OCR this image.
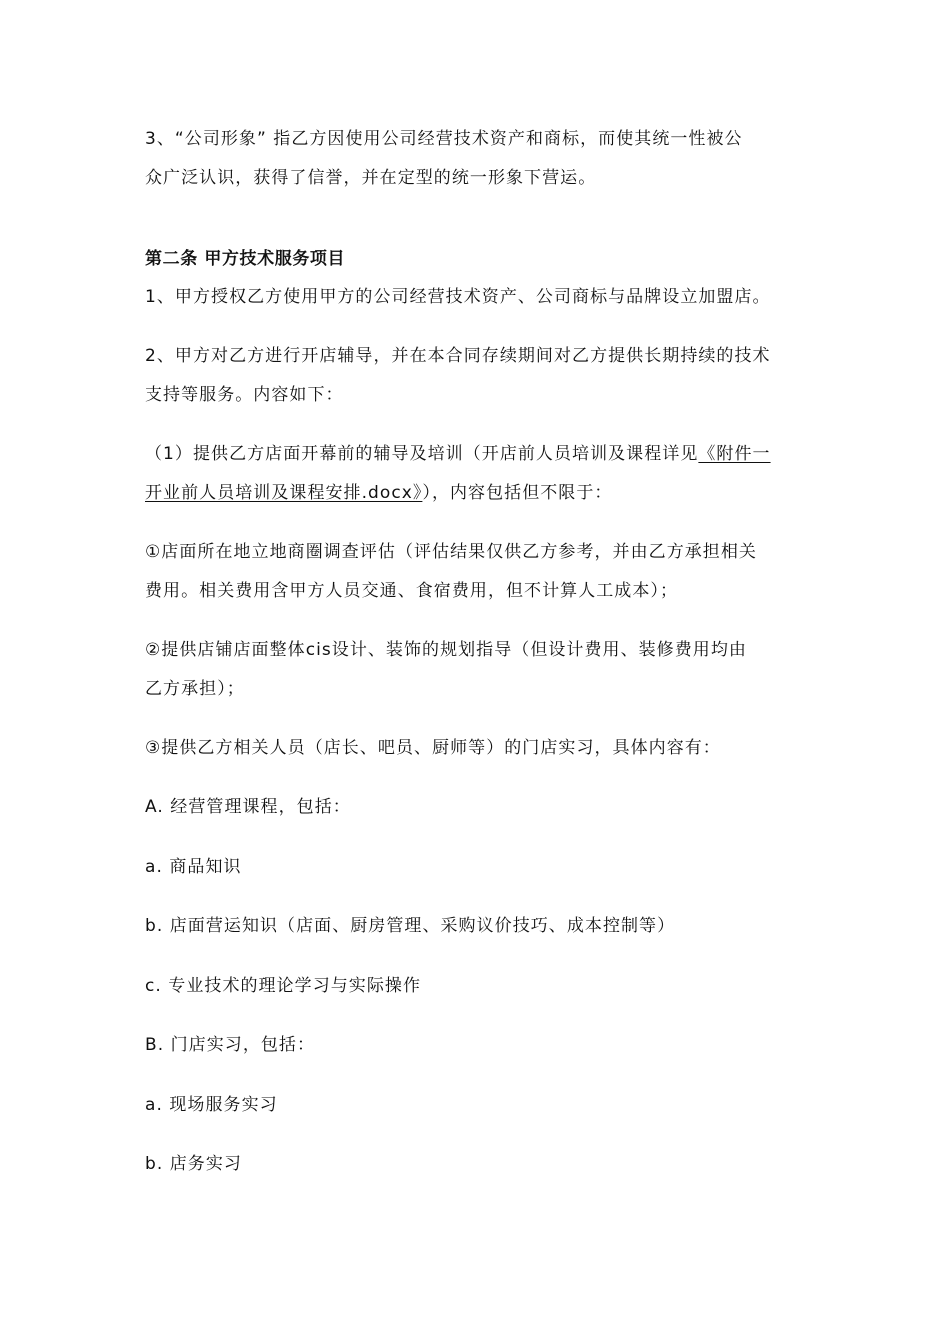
3、“公司形象” 指乙方因使用公司经营技术资产和商标，而使其统一性被公
众广泛认识，获得了信誉，并在定型的统一形象下营运。
第二条 甲方技术服务项目
1、甲方授权乙方使用甲方的公司经营技术资产、公司商标与品牌设立加盟店。
2、甲方对乙方进行开店辅导，并在本合同存续期间对乙方提供长期持续的技术
支持等服务。内容如下：
（1）提供乙方店面开幕前的辅导及培训（开店前人员培训及课程详见《附件一
开业前人员培训及课程安排.docx》），内容包括但不限于：
①店面所在地立地商圈调查评估（评估结果仅供乙方参考，并由乙方承担相关
费用。相关费用含甲方人员交通、食宿费用，但不计算人工成本）；
②提供店铺店面整体cis设计、装饰的规划指导（但设计费用、装修费用均由
乙方承担）；
③提供乙方相关人员（店长、吧员、厨师等）的门店实习，具体内容有：
A. 经营管理课程，包括：
a. 商品知识
b. 店面营运知识（店面、厨房管理、采购议价技巧、成本控制等）
c. 专业技术的理论学习与实际操作
B. 门店实习，包括：
a. 现场服务实习
b. 店务实习
